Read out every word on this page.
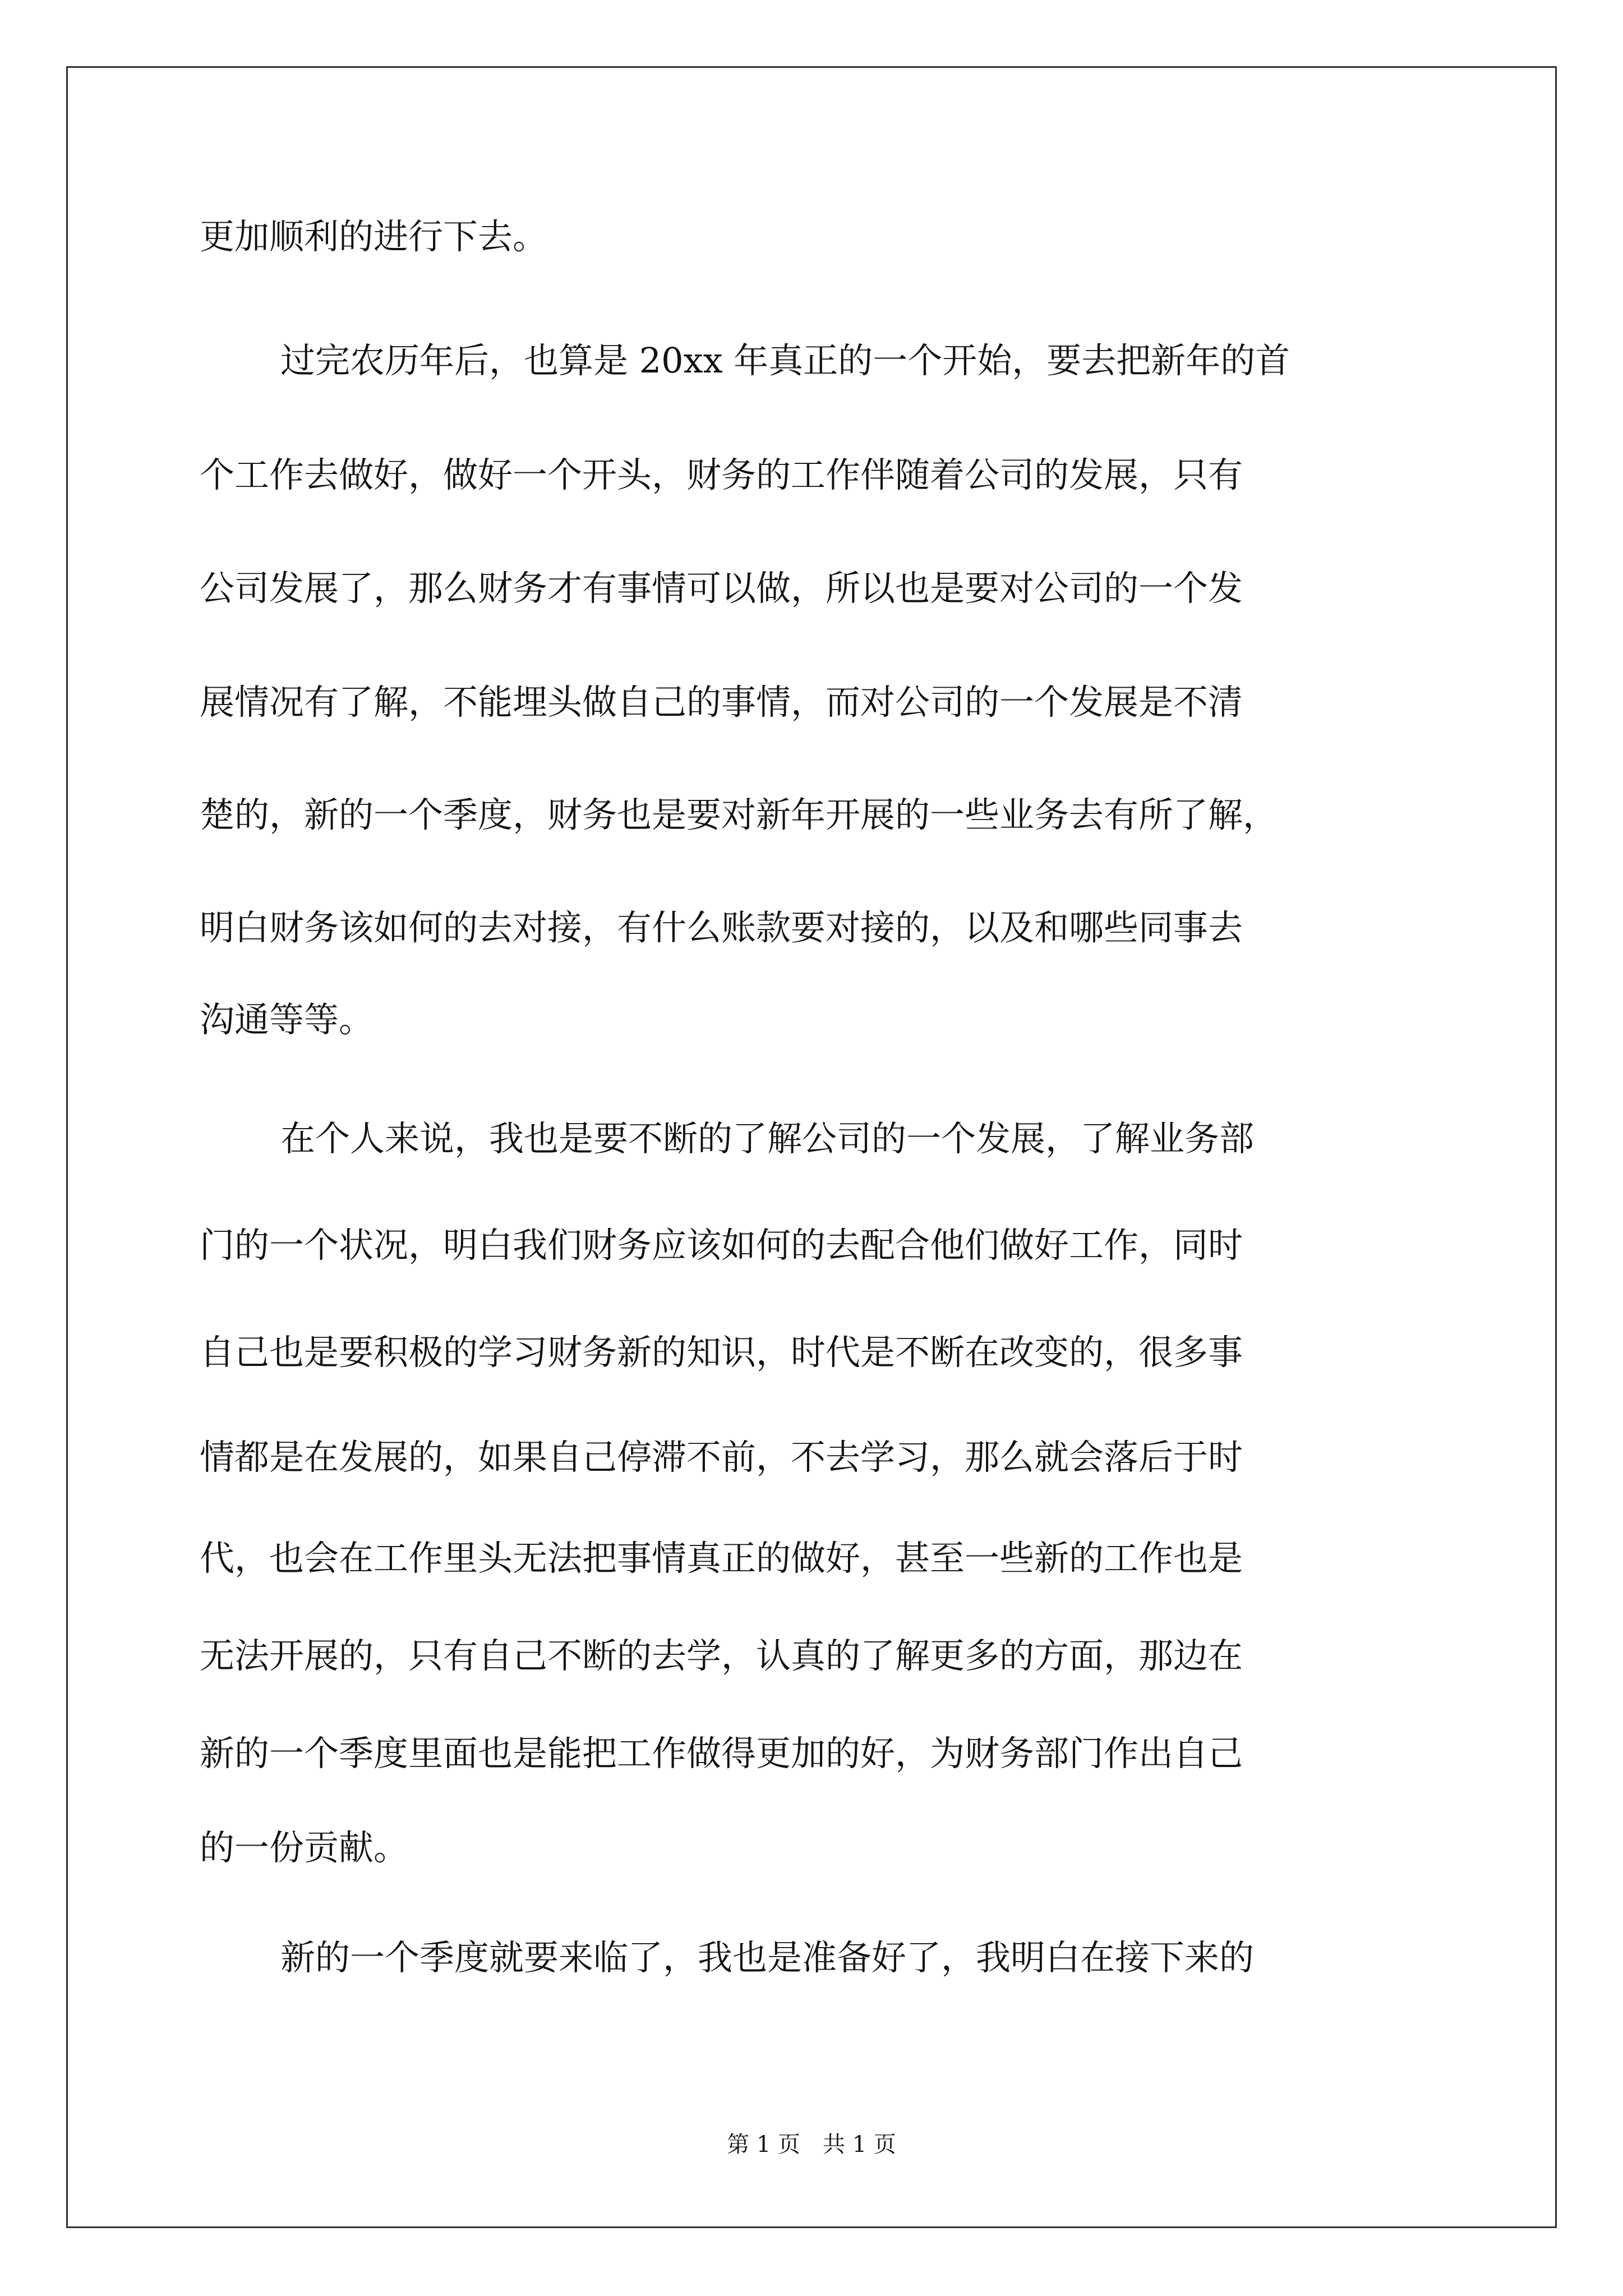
更加顺利的进行下去。
过完农历年后，也算是 20xx 年真正的一个开始，要去把新年的首
个工作去做好，做好一个开头，财务的工作伴随着公司的发展，只有
公司发展了，那么财务才有事情可以做，所以也是要对公司的一个发
展情况有了解，不能埋头做自己的事情，而对公司的一个发展是不清
楚的，新的一个季度，财务也是要对新年开展的一些业务去有所了解，
明白财务该如何的去对接，有什么账款要对接的，以及和哪些同事去
沟通等等。
在个人来说，我也是要不断的了解公司的一个发展，了解业务部
门的一个状况，明白我们财务应该如何的去配合他们做好工作，同时
自己也是要积极的学习财务新的知识，时代是不断在改变的，很多事
情都是在发展的，如果自己停滞不前，不去学习，那么就会落后于时
代，也会在工作里头无法把事情真正的做好，甚至一些新的工作也是
无法开展的，只有自己不断的去学，认真的了解更多的方面，那边在
新的一个季度里面也是能把工作做得更加的好，为财务部门作出自己
的一份贡献。
新的一个季度就要来临了，我也是准备好了，我明白在接下来的
第 1 页　共 1 页
